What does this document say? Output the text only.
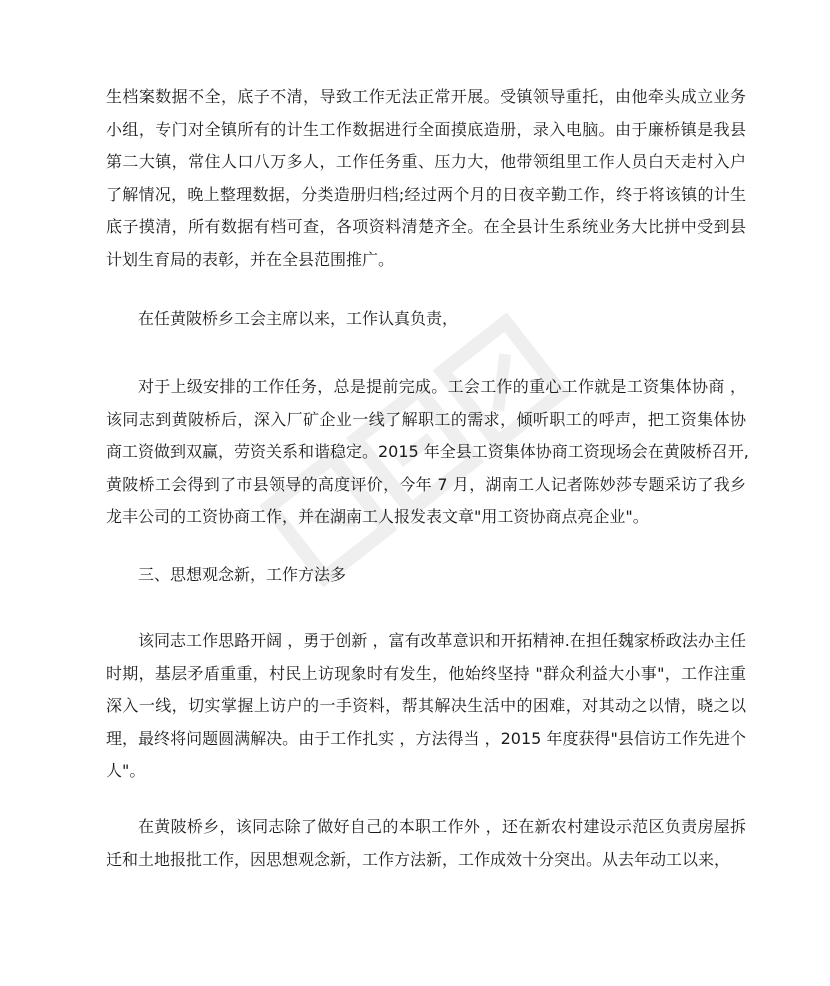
生档案数据不全，底子不清，导致工作无法正常开展。受镇领导重托，由他牵头成立业务
小组，专门对全镇所有的计生工作数据进行全面摸底造册，录入电脑。由于廉桥镇是我县
第二大镇，常住人口八万多人，工作任务重、压力大，他带领组里工作人员白天走村入户
了解情况，晚上整理数据，分类造册归档;经过两个月的日夜辛勤工作，终于将该镇的计生
底子摸清，所有数据有档可查，各项资料清楚齐全。在全县计生系统业务大比拼中受到县
计划生育局的表彰，并在全县范围推广。
在任黄陂桥乡工会主席以来，工作认真负责，
对于上级安排的工作任务，总是提前完成。工会工作的重心工作就是工资集体协商 ，
该同志到黄陂桥后，深入厂矿企业一线了解职工的需求，倾听职工的呼声，把工资集体协
商工资做到双赢，劳资关系和谐稳定。2015 年全县工资集体协商工资现场会在黄陂桥召开,
黄陂桥工会得到了市县领导的高度评价，今年 7 月，湖南工人记者陈妙莎专题采访了我乡
龙丰公司的工资协商工作，并在湖南工人报发表文章"用工资协商点亮企业"。
三、思想观念新，工作方法多
该同志工作思路开阔 ，勇于创新 ，富有改革意识和开拓精神.在担任魏家桥政法办主任
时期，基层矛盾重重，村民上访现象时有发生，他始终坚持 "群众利益大小事"，工作注重
深入一线，切实掌握上访户的一手资料，帮其解决生活中的困难，对其动之以情，晓之以
理，最终将问题圆满解决。由于工作扎实 ，方法得当 ，2015 年度获得"县信访工作先进个
人"。
在黄陂桥乡，该同志除了做好自己的本职工作外 ，还在新农村建设示范区负责房屋拆
迁和土地报批工作，因思想观念新，工作方法新，工作成效十分突出。从去年动工以来，
